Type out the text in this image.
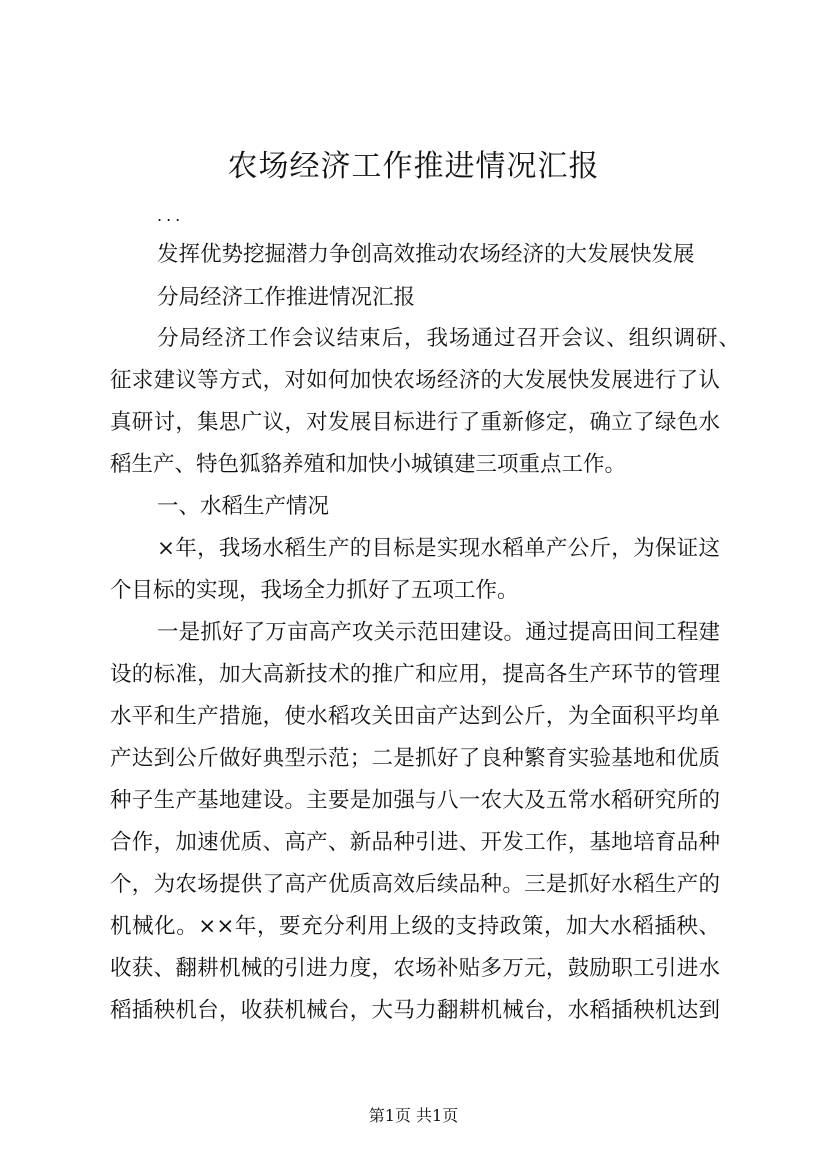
农场经济工作推进情况汇报
...
发挥优势挖掘潜力争创高效推动农场经济的大发展快发展
分局经济工作推进情况汇报
分局经济工作会议结束后，我场通过召开会议、组织调研、
征求建议等方式，对如何加快农场经济的大发展快发展进行了认
真研讨，集思广议，对发展目标进行了重新修定，确立了绿色水
稻生产、特色狐貉养殖和加快小城镇建三项重点工作。
一、水稻生产情况
×年，我场水稻生产的目标是实现水稻单产公斤，为保证这
个目标的实现，我场全力抓好了五项工作。
一是抓好了万亩高产攻关示范田建设。通过提高田间工程建
设的标准，加大高新技术的推广和应用，提高各生产环节的管理
水平和生产措施，使水稻攻关田亩产达到公斤，为全面积平均单
产达到公斤做好典型示范；二是抓好了良种繁育实验基地和优质
种子生产基地建设。主要是加强与八一农大及五常水稻研究所的
合作，加速优质、高产、新品种引进、开发工作，基地培育品种
个，为农场提供了高产优质高效后续品种。三是抓好水稻生产的
机械化。××年，要充分利用上级的支持政策，加大水稻插秧、
收获、翻耕机械的引进力度，农场补贴多万元，鼓励职工引进水
稻插秧机台，收获机械台，大马力翻耕机械台，水稻插秧机达到
第1页 共1页
